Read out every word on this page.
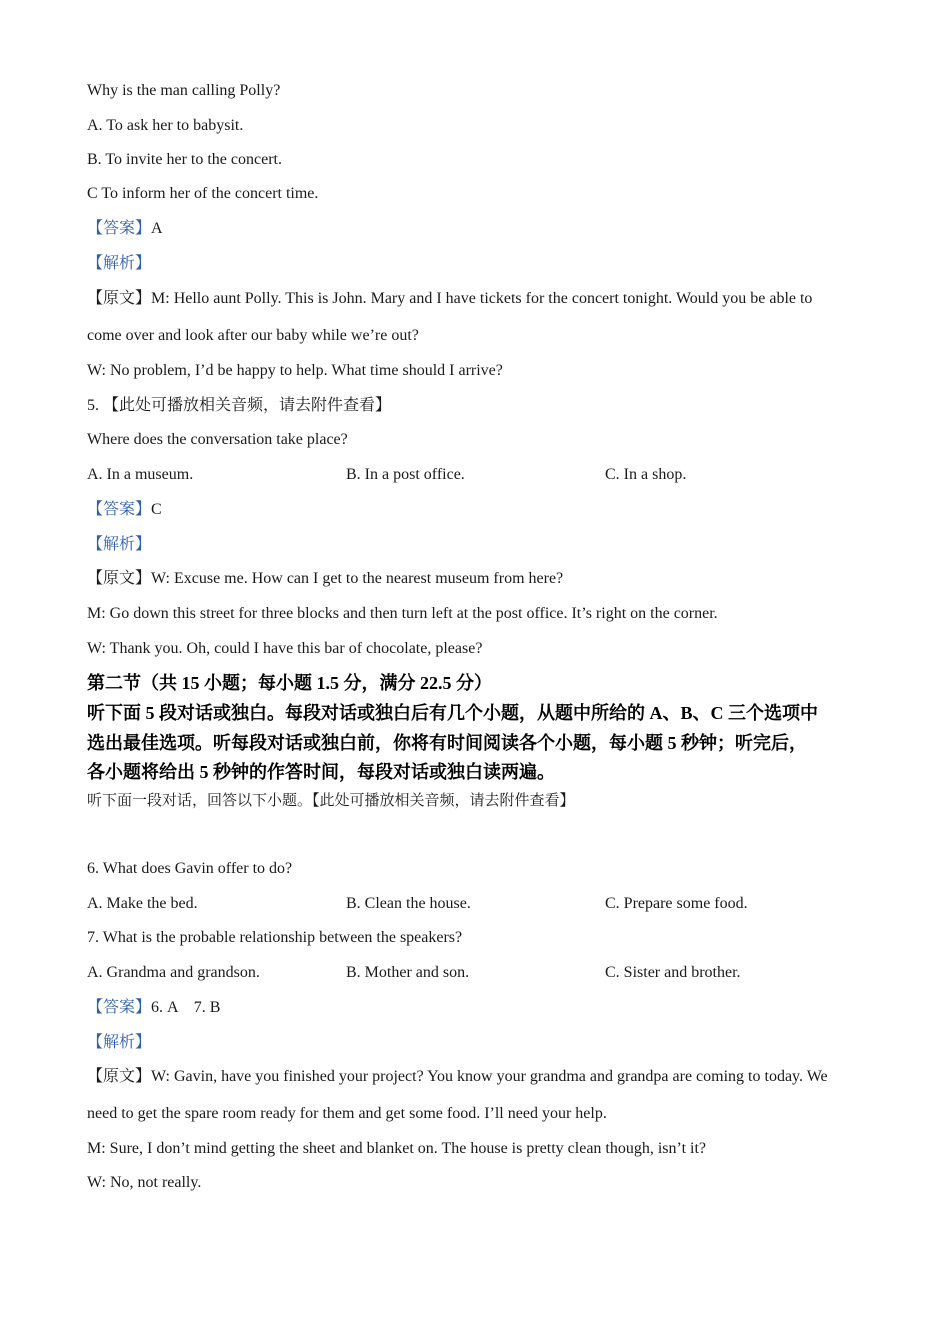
Why is the man calling Polly?
A. To ask her to babysit.
B. To invite her to the concert.
C To inform her of the concert time.
【答案】A
【解析】
【原文】M: Hello aunt Polly. This is John. Mary and I have tickets for the concert tonight. Would you be able to
come over and look after our baby while we’re out?
W: No problem, I’d be happy to help. What time should I arrive?
5. 【此处可播放相关音频，请去附件查看】
Where does the conversation take place?
A. In a museum.	B. In a post office.	C. In a shop.
【答案】C
【解析】
【原文】W: Excuse me. How can I get to the nearest museum from here?
M: Go down this street for three blocks and then turn left at the post office. It’s right on the corner.
W: Thank you. Oh, could I have this bar of chocolate, please?
第二节（共 15 小题；每小题 1.5 分，满分 22.5 分）
听下面 5 段对话或独白。每段对话或独白后有几个小题，从题中所给的 A、B、C 三个选项中
选出最佳选项。听每段对话或独白前，你将有时间阅读各个小题，每小题 5 秒钟；听完后，
各小题将给出 5 秒钟的作答时间，每段对话或独白读两遍。
听下面一段对话，回答以下小题。【此处可播放相关音频，请去附件查看】
6. What does Gavin offer to do?
A. Make the bed.	B. Clean the house.	C. Prepare some food.
7. What is the probable relationship between the speakers?
A. Grandma and grandson.	B. Mother and son.	C. Sister and brother.
【答案】6. A    7. B
【解析】
【原文】W: Gavin, have you finished your project? You know your grandma and grandpa are coming to today. We
need to get the spare room ready for them and get some food. I’ll need your help.
M: Sure, I don’t mind getting the sheet and blanket on. The house is pretty clean though, isn’t it?
W: No, not really.
